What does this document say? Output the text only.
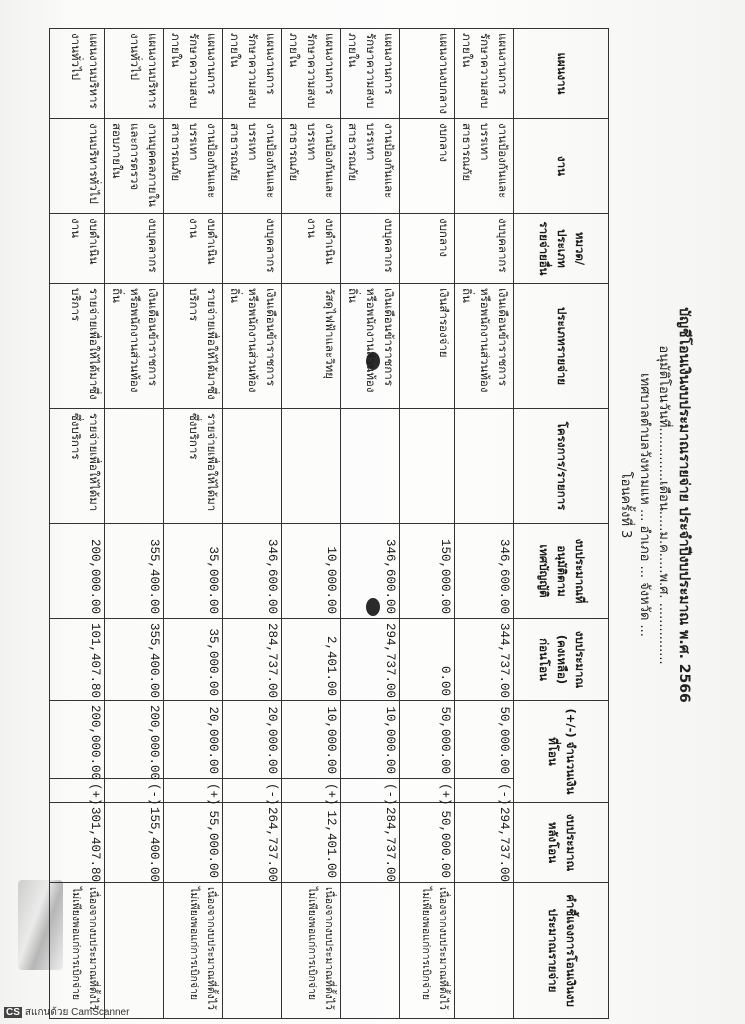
บัญชีโอนเงินงบประมาณรายจ่าย ประจำปีงบประมาณ พ.ศ. 2566
อนุมัติโอนวันที่.............เดือน.....ม.ค.....พ.ศ. ...............
เทศบาลตำบลวังหามแห ... อำเภอ ... จังหวัด ...
โอนครั้งที่ 3
แผนงาน	งาน	หมวด/ประเภท รายจ่ายอื่น	ประเภทรายจ่าย	โครงการ/รายการ	งบประมาณที่อนุมัติตามเทศบัญญัติ	งบประมาณ (คงเหลือ) ก่อนโอน	(+/-) จำนวนเงินที่โอน		งบประมาณหลังโอน	คำชี้แจงการโอนเงินงบประมาณรายจ่าย
แผนงานการรักษาความสงบภายใน	งานป้องกันและบรรเทาสาธารณภัย	งบบุคลากร	เงินเดือนข้าราชการ หรือพนักงานส่วนท้องถิ่น		346,600.00	344,737.00	50,000.00	(-)	294,737.00	
แผนงานงบกลาง	งบกลาง	งบกลาง	เงินสำรองจ่าย		150,000.00	0.00	50,000.00	(+)	50,000.00	เนื่องจากงบประมาณที่ตั้งไว้ไม่เพียงพอแก่การเบิกจ่าย
แผนงานการรักษาความสงบภายใน	งานป้องกันและบรรเทาสาธารณภัย	งบบุคลากร	เงินเดือนข้าราชการ หรือพนักงานส่วนท้องถิ่น		346,600.00	294,737.00	10,000.00	(-)	284,737.00	
แผนงานการรักษาความสงบภายใน	งานป้องกันและบรรเทาสาธารณภัย	งบดำเนินงาน	วัสดุไฟฟ้าและวิทยุ		10,000.00	2,401.00	10,000.00	(+)	12,401.00	เนื่องจากงบประมาณที่ตั้งไว้ไม่เพียงพอแก่การเบิกจ่าย
แผนงานการรักษาความสงบภายใน	งานป้องกันและบรรเทาสาธารณภัย	งบบุคลากร	เงินเดือนข้าราชการ หรือพนักงานส่วนท้องถิ่น		346,600.00	284,737.00	20,000.00	(-)	264,737.00	
แผนงานการรักษาความสงบภายใน	งานป้องกันและบรรเทาสาธารณภัย	งบดำเนินงาน	รายจ่ายเพื่อให้ได้มาซึ่งบริการ	รายจ่ายเพื่อให้ได้มาซึ่งบริการ	35,000.00	35,000.00	20,000.00	(+)	55,000.00	เนื่องจากงบประมาณที่ตั้งไว้ไม่เพียงพอแก่การเบิกจ่าย
แผนงานบริหารงานทั่วไป	งานบุคคลภายในและการตรวจสอบภายใน	งบบุคลากร	เงินเดือนข้าราชการ หรือพนักงานส่วนท้องถิ่น		355,400.00	355,400.00	200,000.00	(-)	155,400.00	
แผนงานบริหารงานทั่วไป	งานบริหารทั่วไป	งบดำเนินงาน	รายจ่ายเพื่อให้ได้มาซึ่งบริการ	รายจ่ายเพื่อให้ได้มาซึ่งบริการ	200,000.00	101,407.80	200,000.00	(+)	301,407.80	เนื่องจากงบประมาณที่ตั้งไว้ไม่เพียงพอแก่การเบิกจ่าย
CS สแกนด้วย CamScanner
